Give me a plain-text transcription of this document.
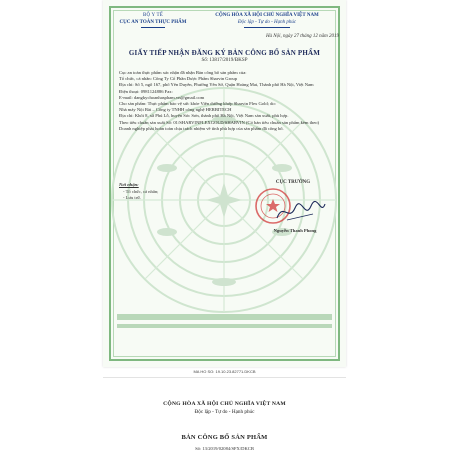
BỘ Y TẾ
CỤC AN TOÀN THỰC PHẨM
CỘNG HÒA XÃ HỘI CHỦ NGHĨA VIỆT NAM
Độc lập - Tự do - Hạnh phúc
Hà Nội, ngày 27 tháng 12 năm 2019
GIẤY TIẾP NHẬN ĐĂNG KÝ BẢN CÔNG BỐ SẢN PHẨM
Số: 13817/2019/ĐKSP
Cục an toàn thực phẩm xác nhận đã nhận Bản công bố sản phẩm của:
Tổ chức, cá nhân: Công Ty Cổ Phần Dược Phẩm Sharvin Group
Địa chỉ: Số 5, ngõ 167, phố Yên Duyên, Phường Yên Sở, Quận Hoàng Mai, Thành phố Hà Nội, Việt Nam
Điện thoại: 0981124886 Fax:
E-mail: dangkychoanhaspham.vn@gmail.com
Cho sản phẩm: Thực phẩm bảo vệ sức khỏe Viên dưỡng khớp Sharvin Flex Gold; do:
Nhà máy Nội Bài – Công ty TNHH công nghệ HERBITECH
Địa chỉ: Khối 8, xã Phú Lỗ, huyện Sóc Sơn, thành phố Hà Nội, Việt Nam sản xuất, phù hợp.
Theo tiêu chuẩn sản xuất Số: 01/SHARVINFLEXGOLD/SHARVIN (Có bản tiêu chuẩn sản phẩm kèm theo)
Doanh nghiệp phải hoàn toàn chịu trách nhiệm về tính phù hợp của sản phẩm đã công bố.
Nơi nhận:
- Tổ chức, cá nhân;
- Lưu trữ.
CỤC TRƯỞNG
Nguyễn Thanh Phong
MA HO SO: 19.10.23.82771.DKCB
CỘNG HÒA XÃ HỘI CHỦ NGHĨA VIỆT NAM
Độc lập - Tự do - Hạnh phúc
BẢN CÔNG BỐ SẢN PHẨM
Số: 13/2019/02084/SFX/DKCB
